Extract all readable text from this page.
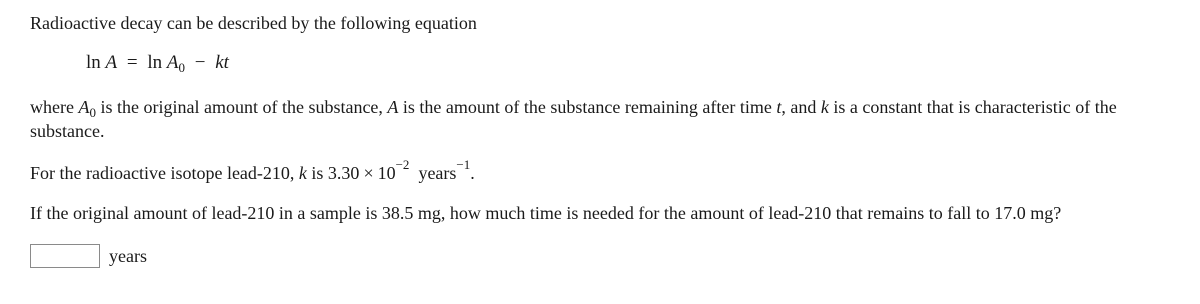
Radioactive decay can be described by the following equation
$\ln A = \ln A_0$ − kt
where $A_0$ is the original amount of the substance, A is the amount of the substance remaining after time t, and k is a constant that is characteristic of the substance.
For the radioactive isotope lead-210, k is $3.30 \times 10^{-2}$ years$^{-1}$.
If the original amount of lead-210 in a sample is 38.5 mg, how much time is needed for the amount of lead-210 that remains to fall to 17.0 mg?
years
